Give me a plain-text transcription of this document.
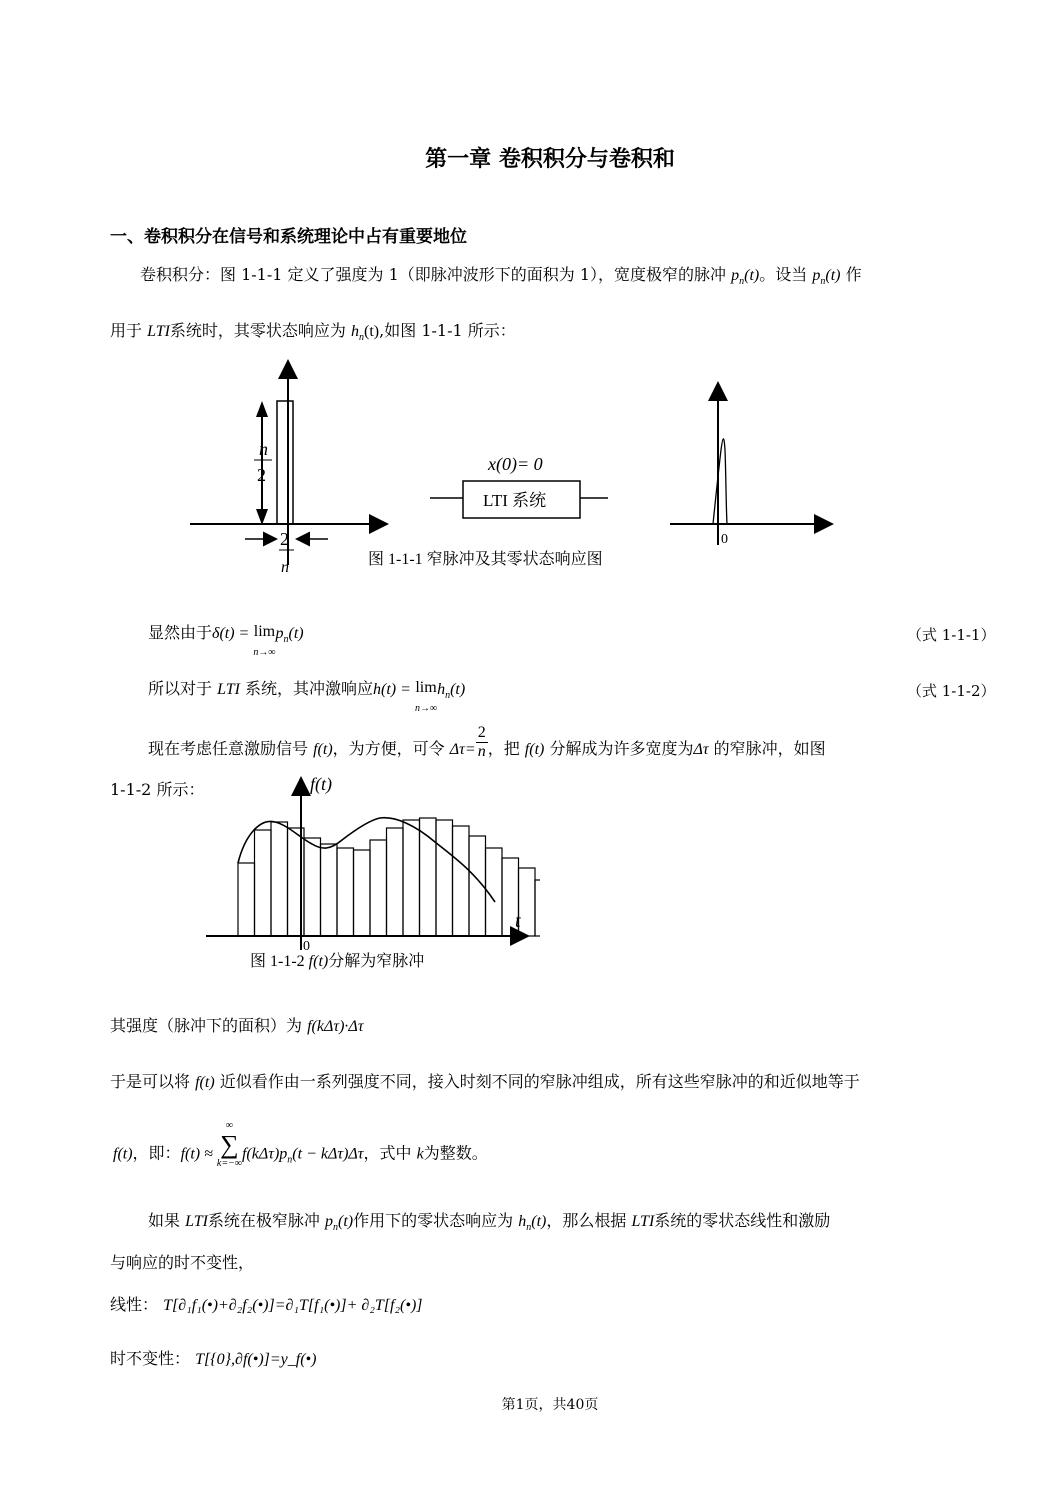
第一章 卷积积分与卷积和
一、卷积积分在信号和系统理论中占有重要地位
卷积积分：图 1-1-1 定义了强度为 1（即脉冲波形下的面积为 1），宽度极窄的脉冲 $p_n(t)$。设当 $p_n(t)$ 作
用于 LTI系统时，其零状态响应为 $h_n(t)$,如图 1-1-1 所示：
n
2
2
n
x(0)= 0
LTI 系统
0
图 1-1-1 窄脉冲及其零状态响应图
显然由于δ(t) = lim
$n\to\infty p_n(t)$	（式 1-1-1）
所以对于 LTI 系统，其冲激响应h(t) = lim
$n\to\infty h_n(t)$	（式 1-1-2）
现在考虑任意激励信号 f(t)，为方便，可令 $\Delta\tau= \frac{2}{n}$ ，把 f(t) 分解成为许多宽度为Δτ 的窄脉冲，如图
1-1-2 所示：	f(t)
t
0
图 1-1-2 f(t)分解为窄脉冲
其强度（脉冲下的面积）为 f(kΔτ)∙Δτ
于是可以将 f(t) 近似看作由一系列强度不同，接入时刻不同的窄脉冲组成，所有这些窄脉冲的和近似地等于
f(t)，即：f(t) ≈
∞
∑
k=−∞
$f(k\Delta\tau)p_n(t - k\Delta\tau)\Delta\tau$，式中 k为整数。
如果 LTI系统在极窄脉冲 $p_n(t)$作用下的零状态响应为 $h_n(t)$，那么根据 LTI系统的零状态线性和激励
与响应的时不变性，
线性： T[∂₁f₁(•)+∂₂f₂(•)]=∂₁T[f₁(•)]+ ∂₂T[f₂(•)]
时不变性： T[{0},∂f(•)]=y_f(•)
第1页，共40页
